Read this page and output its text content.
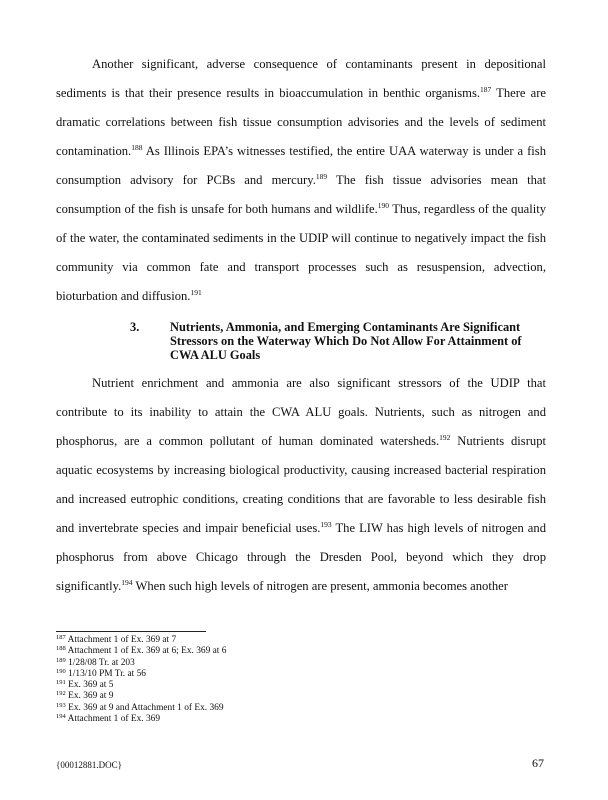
Another significant, adverse consequence of contaminants present in depositional sediments is that their presence results in bioaccumulation in benthic organisms.$^{187}$ There are dramatic correlations between fish tissue consumption advisories and the levels of sediment contamination.$^{188}$ As Illinois EPA’s witnesses testified, the entire UAA waterway is under a fish consumption advisory for PCBs and mercury.$^{189}$ The fish tissue advisories mean that consumption of the fish is unsafe for both humans and wildlife.$^{190}$ Thus, regardless of the quality of the water, the contaminated sediments in the UDIP will continue to negatively impact the fish community via common fate and transport processes such as resuspension, advection, bioturbation and diffusion.$^{191}$

3. Nutrients, Ammonia, and Emerging Contaminants Are Significant Stressors on the Waterway Which Do Not Allow For Attainment of CWA ALU Goals

Nutrient enrichment and ammonia are also significant stressors of the UDIP that contribute to its inability to attain the CWA ALU goals. Nutrients, such as nitrogen and phosphorus, are a common pollutant of human dominated watersheds.$^{192}$ Nutrients disrupt aquatic ecosystems by increasing biological productivity, causing increased bacterial respiration and increased eutrophic conditions, creating conditions that are favorable to less desirable fish and invertebrate species and impair beneficial uses.$^{193}$ The LIW has high levels of nitrogen and phosphorus from above Chicago through the Dresden Pool, beyond which they drop significantly.$^{194}$ When such high levels of nitrogen are present, ammonia becomes another

$^{187}$ Attachment 1 of Ex. 369 at 7
$^{188}$ Attachment 1 of Ex. 369 at 6; Ex. 369 at 6
$^{189}$ 1/28/08 Tr. at 203
$^{190}$ 1/13/10 PM Tr. at 56
$^{191}$ Ex. 369 at 5
$^{192}$ Ex. 369 at 9
$^{193}$ Ex. 369 at 9 and Attachment 1 of Ex. 369
$^{194}$ Attachment 1 of Ex. 369
{00012881.DOC}	67
